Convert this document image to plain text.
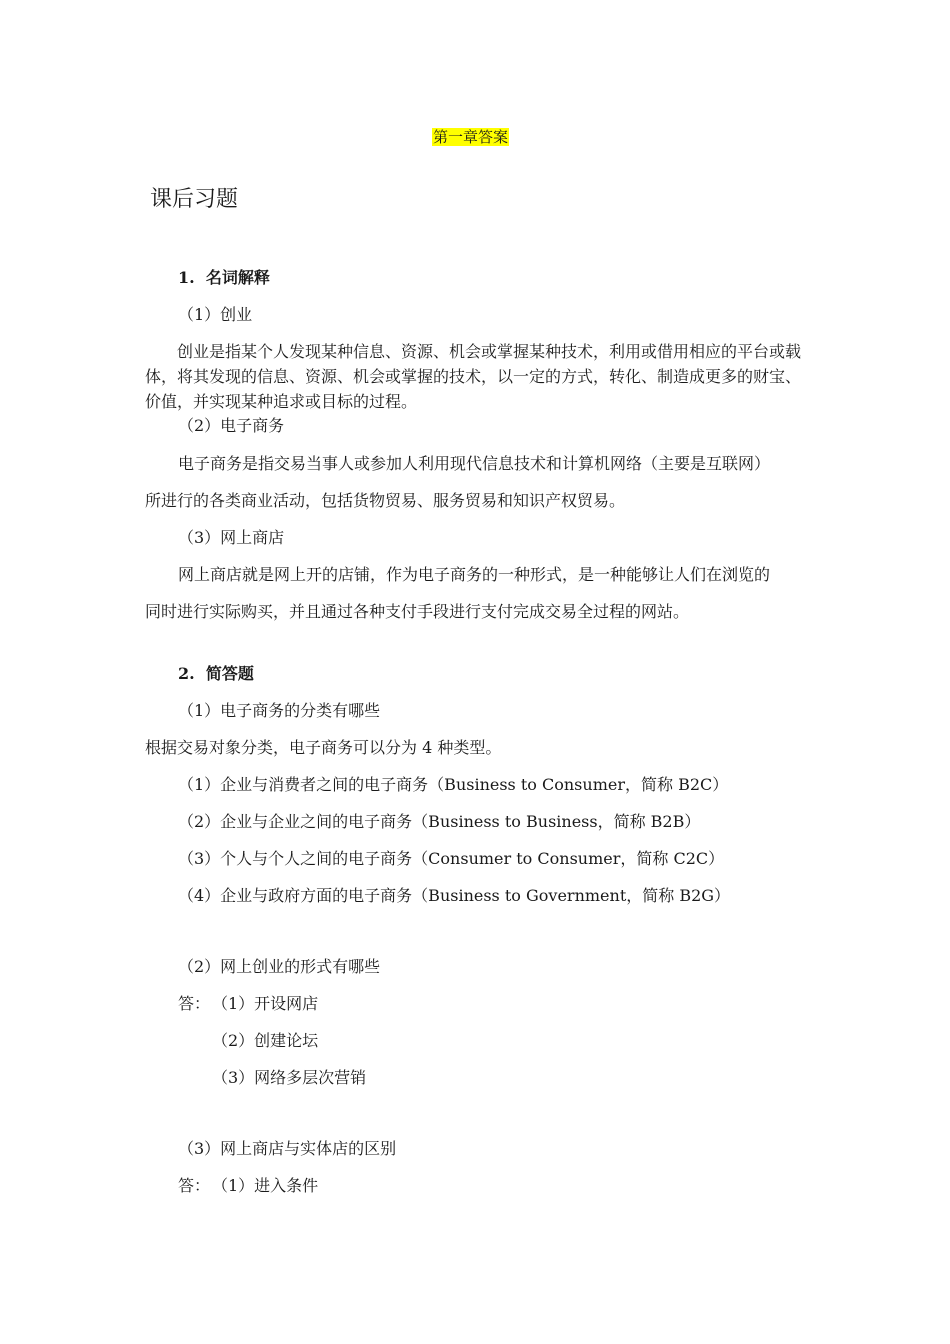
第一章答案
课后习题
1.  名词解释
（1）创业
创业是指某个人发现某种信息、资源、机会或掌握某种技术，利用或借用相应的平台或载体，将其发现的信息、资源、机会或掌握的技术，以一定的方式，转化、制造成更多的财宝、价值，并实现某种追求或目标的过程。
（2）电子商务
电子商务是指交易当事人或参加人利用现代信息技术和计算机网络（主要是互联网）
所进行的各类商业活动，包括货物贸易、服务贸易和知识产权贸易。
（3）网上商店
网上商店就是网上开的店铺，作为电子商务的一种形式，是一种能够让人们在浏览的
同时进行实际购买，并且通过各种支付手段进行支付完成交易全过程的网站。
2.  简答题
（1）电子商务的分类有哪些
根据交易对象分类，电子商务可以分为 4 种类型。
（1）企业与消费者之间的电子商务（Business to Consumer，简称 B2C）
（2）企业与企业之间的电子商务（Business to Business，简称 B2B）
（3）个人与个人之间的电子商务（Consumer to Consumer，简称 C2C）
（4）企业与政府方面的电子商务（Business to Government，简称 B2G）
（2）网上创业的形式有哪些
答： （1）开设网店
（2）创建论坛
（3）网络多层次营销
（3）网上商店与实体店的区别
答： （1）进入条件
